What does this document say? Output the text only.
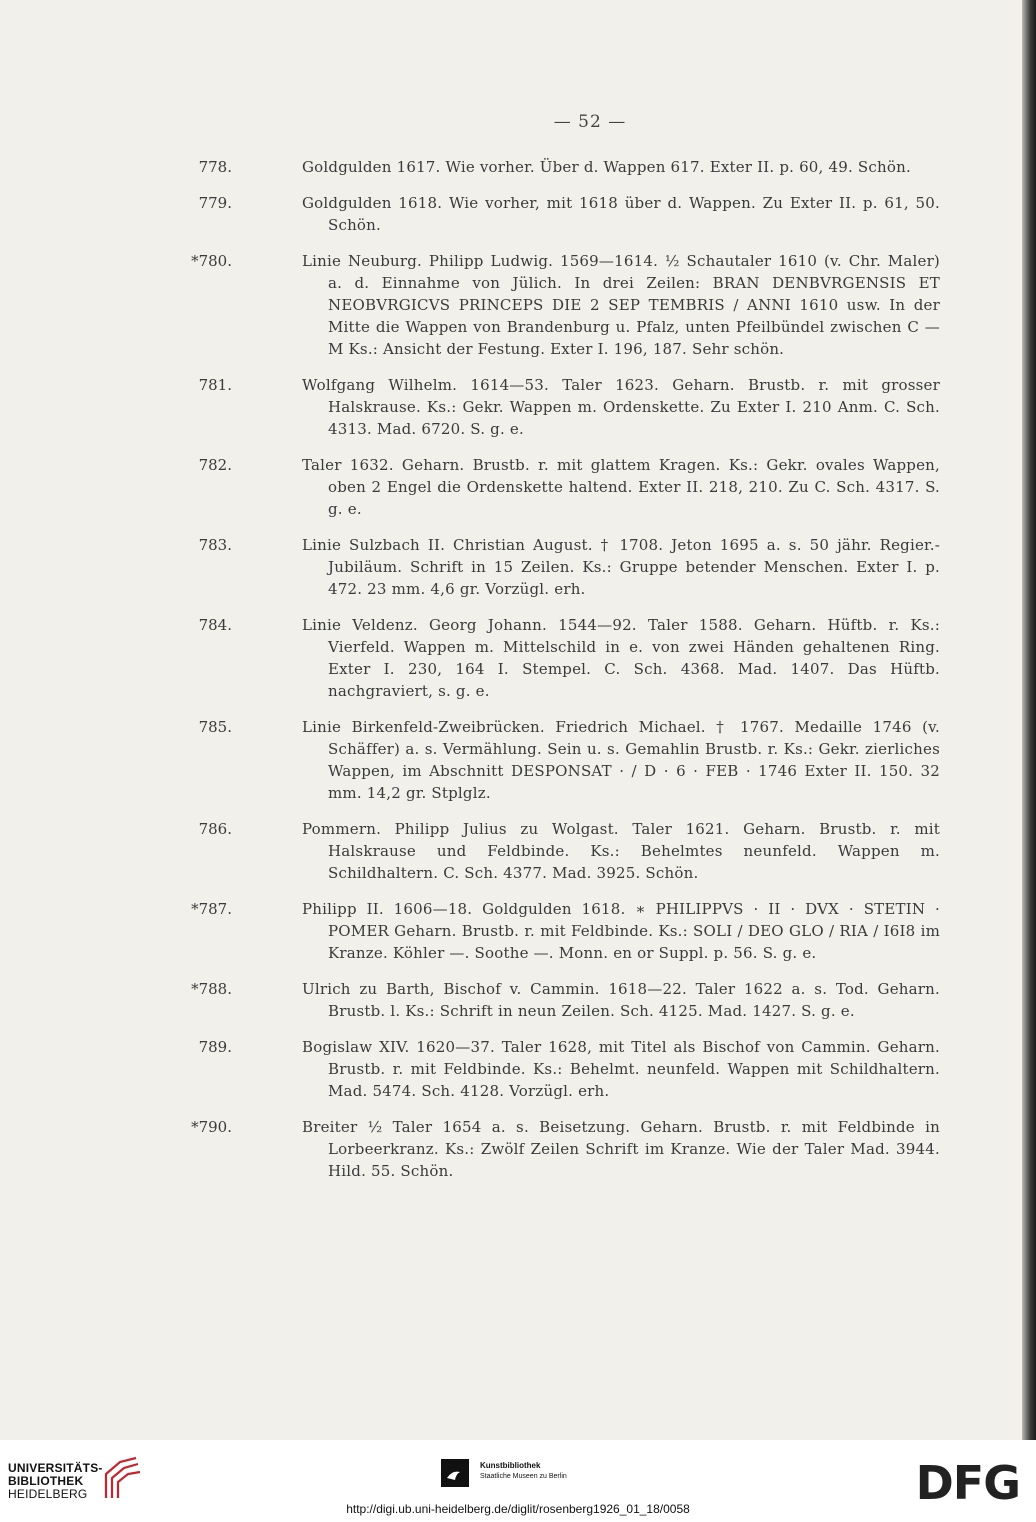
— 52 —
778.	Goldgulden 1617. Wie vorher. Über d. Wappen 617. Exter II. p. 60, 49. Schön.
779.	Goldgulden 1618. Wie vorher, mit 1618 über d. Wappen. Zu Exter II. p. 61, 50. Schön.
*780.	Linie Neuburg. Philipp Ludwig. 1569—1614. ½ Schautaler 1610 (v. Chr. Maler) a. d. Einnahme von Jülich. In drei Zeilen: BRAN DENBVRGENSIS ET NEOBVRGICVS PRINCEPS DIE 2 SEP TEMBRIS / ANNI 1610 usw. In der Mitte die Wappen von Brandenburg u. Pfalz, unten Pfeilbündel zwischen C — M Ks.: Ansicht der Festung. Exter I. 196, 187. Sehr schön.
781.	Wolfgang Wilhelm. 1614—53. Taler 1623. Geharn. Brustb. r. mit grosser Halskrause. Ks.: Gekr. Wappen m. Ordenskette. Zu Exter I. 210 Anm. C. Sch. 4313. Mad. 6720. S. g. e.
782.	Taler 1632. Geharn. Brustb. r. mit glattem Kragen. Ks.: Gekr. ovales Wappen, oben 2 Engel die Ordenskette haltend. Exter II. 218, 210. Zu C. Sch. 4317. S. g. e.
783.	Linie Sulzbach II. Christian August. † 1708. Jeton 1695 a. s. 50 jähr. Regier.-Jubiläum. Schrift in 15 Zeilen. Ks.: Gruppe betender Menschen. Exter I. p. 472. 23 mm. 4,6 gr. Vorzügl. erh.
784.	Linie Veldenz. Georg Johann. 1544—92. Taler 1588. Geharn. Hüftb. r. Ks.: Vierfeld. Wappen m. Mittelschild in e. von zwei Händen gehaltenen Ring. Exter I. 230, 164 I. Stempel. C. Sch. 4368. Mad. 1407. Das Hüftb. nachgraviert, s. g. e.
785.	Linie Birkenfeld-Zweibrücken. Friedrich Michael. † 1767. Medaille 1746 (v. Schäffer) a. s. Vermählung. Sein u. s. Gemahlin Brustb. r. Ks.: Gekr. zierliches Wappen, im Abschnitt DESPONSAT · / D · 6 · FEB · 1746 Exter II. 150. 32 mm. 14,2 gr. Stplglz.
786.	Pommern. Philipp Julius zu Wolgast. Taler 1621. Geharn. Brustb. r. mit Halskrause und Feldbinde. Ks.: Behelmtes neunfeld. Wappen m. Schildhaltern. C. Sch. 4377. Mad. 3925. Schön.
*787.	Philipp II. 1606—18. Goldgulden 1618. ∗ PHILIPPVS · II · DVX · STETIN · POMER Geharn. Brustb. r. mit Feldbinde. Ks.: SOLI / DEO GLO / RIA / I6I8 im Kranze. Köhler —. Soothe —. Monn. en or Suppl. p. 56. S. g. e.
*788.	Ulrich zu Barth, Bischof v. Cammin. 1618—22. Taler 1622 a. s. Tod. Geharn. Brustb. l. Ks.: Schrift in neun Zeilen. Sch. 4125. Mad. 1427. S. g. e.
789.	Bogislaw XIV. 1620—37. Taler 1628, mit Titel als Bischof von Cammin. Geharn. Brustb. r. mit Feldbinde. Ks.: Behelmt. neunfeld. Wappen mit Schildhaltern. Mad. 5474. Sch. 4128. Vorzügl. erh.
*790.	Breiter ½ Taler 1654 a. s. Beisetzung. Geharn. Brustb. r. mit Feldbinde in Lorbeerkranz. Ks.: Zwölf Zeilen Schrift im Kranze. Wie der Taler Mad. 3944. Hild. 55. Schön.
UNIVERSITÄTS-
BIBLIOTHEK
HEIDELBERG
Kunstbibliothek
Staatliche Museen zu Berlin	DFG
http://digi.ub.uni-heidelberg.de/diglit/rosenberg1926_01_18/0058
